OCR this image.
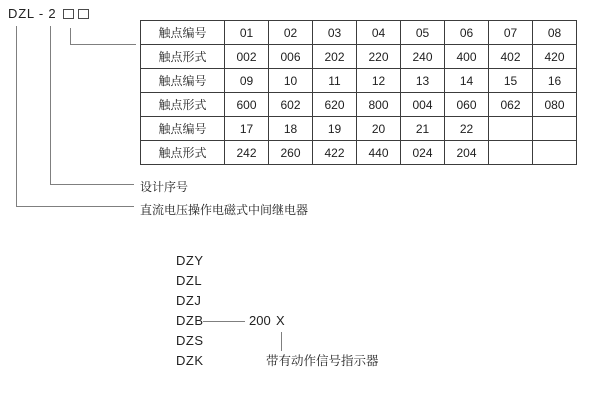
DZL - 2
设计序号
直流电压操作电磁式中间继电器
触点编号	01	02	03	04	05	06	07	08
触点形式	002	006	202	220	240	400	402	420
触点编号	09	10	11	12	13	14	15	16
触点形式	600	602	620	800	004	060	062	080
触点编号	17	18	19	20	21	22		
触点形式	242	260	422	440	024	204		
DZY
DZL
DZJ
DZB
DZS
DZK
200 X
带有动作信号指示器
